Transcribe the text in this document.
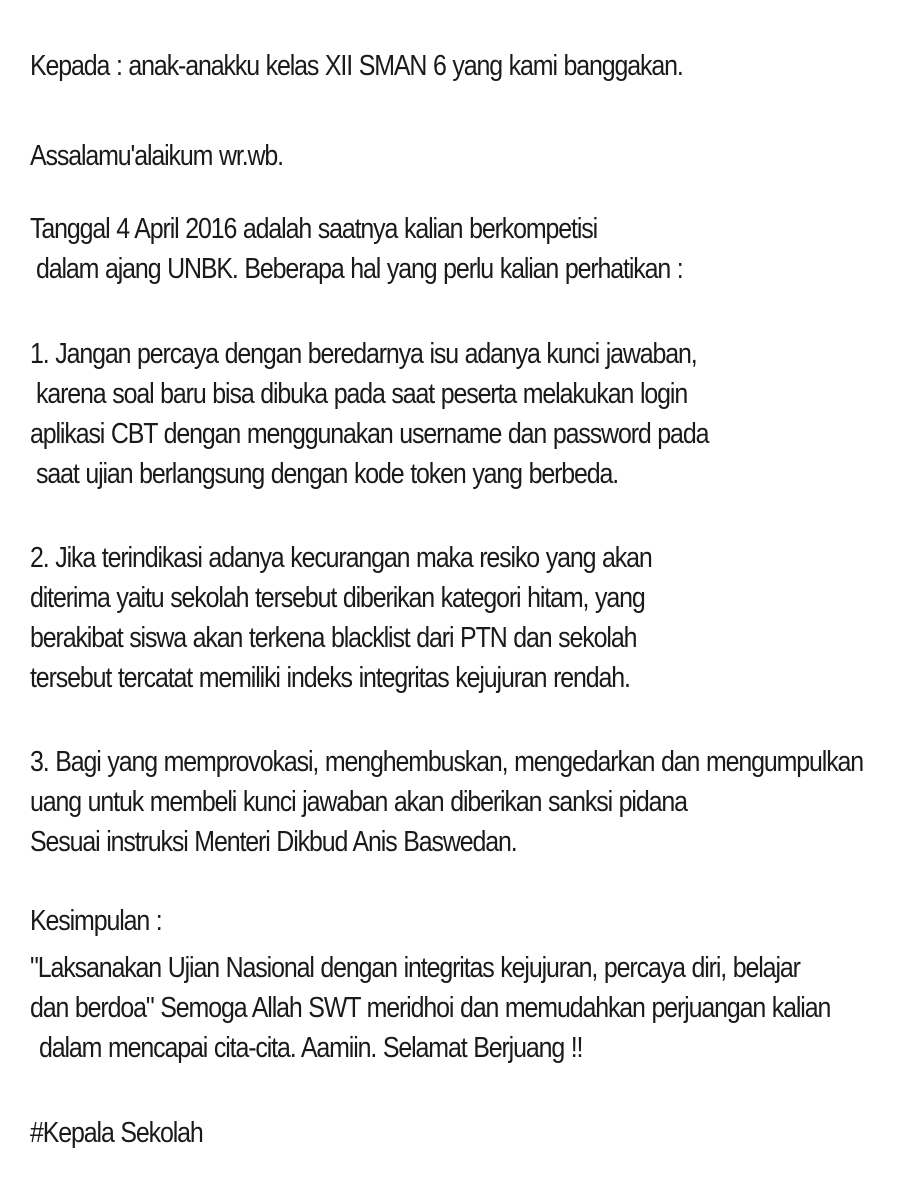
Kepada : anak-anakku kelas XII SMAN 6 yang kami banggakan.
Assalamu'alaikum wr.wb.
Tanggal 4 April 2016 adalah saatnya kalian berkompetisi
dalam ajang UNBK. Beberapa hal yang perlu kalian perhatikan :
1. Jangan percaya dengan beredarnya isu adanya kunci jawaban,
karena soal baru bisa dibuka pada saat peserta melakukan login
aplikasi CBT dengan menggunakan username dan password pada
saat ujian berlangsung dengan kode token yang berbeda.
2. Jika terindikasi adanya kecurangan maka resiko yang akan
diterima yaitu sekolah tersebut diberikan kategori hitam, yang
berakibat siswa akan terkena blacklist dari PTN dan sekolah
tersebut tercatat memiliki indeks integritas kejujuran rendah.
3. Bagi yang memprovokasi, menghembuskan, mengedarkan dan mengumpulkan
uang untuk membeli kunci jawaban akan diberikan sanksi pidana
Sesuai instruksi Menteri Dikbud Anis Baswedan.
Kesimpulan :
"Laksanakan Ujian Nasional dengan integritas kejujuran, percaya diri, belajar
dan berdoa" Semoga Allah SWT meridhoi dan memudahkan perjuangan kalian
dalam mencapai cita-cita. Aamiin. Selamat Berjuang !!
#Kepala Sekolah
